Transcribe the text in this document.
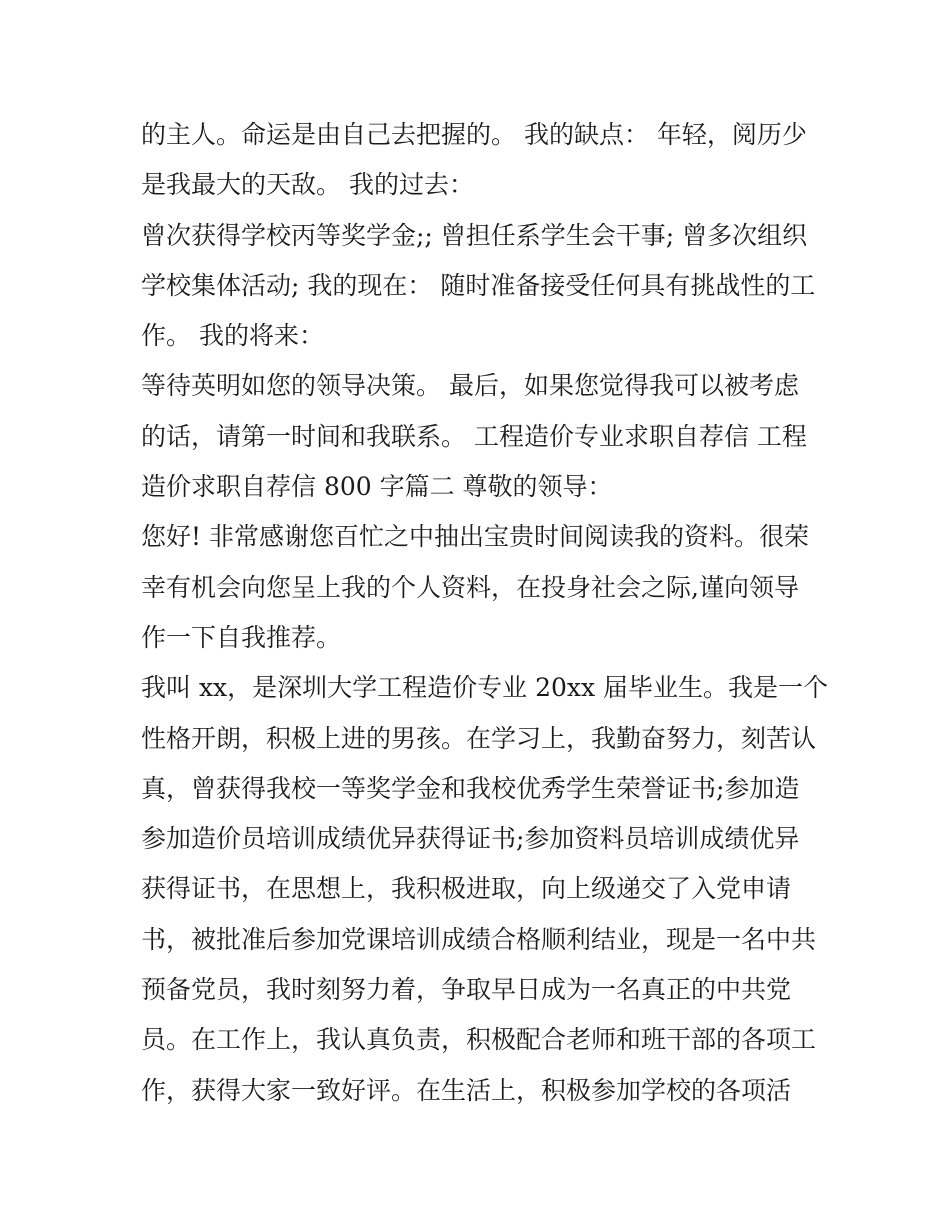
的主人。命运是由自己去把握的。 我的缺点： 年轻，阅历少
是我最大的天敌。 我的过去：
曾次获得学校丙等奖学金;; 曾担任系学生会干事; 曾多次组织
学校集体活动; 我的现在： 随时准备接受任何具有挑战性的工
作。 我的将来：
等待英明如您的领导决策。 最后，如果您觉得我可以被考虑
的话，请第一时间和我联系。 工程造价专业求职自荐信 工程
造价求职自荐信 800 字篇二 尊敬的领导：
您好! 非常感谢您百忙之中抽出宝贵时间阅读我的资料。很荣
幸有机会向您呈上我的个人资料，在投身社会之际,谨向领导
作一下自我推荐。
我叫 xx，是深圳大学工程造价专业 20xx 届毕业生。我是一个
性格开朗，积极上进的男孩。在学习上，我勤奋努力，刻苦认
真，曾获得我校一等奖学金和我校优秀学生荣誉证书;参加造
参加造价员培训成绩优异获得证书;参加资料员培训成绩优异
获得证书，在思想上，我积极进取，向上级递交了入党申请
书，被批准后参加党课培训成绩合格顺利结业，现是一名中共
预备党员，我时刻努力着，争取早日成为一名真正的中共党
员。在工作上，我认真负责，积极配合老师和班干部的各项工
作，获得大家一致好评。在生活上，积极参加学校的各项活
